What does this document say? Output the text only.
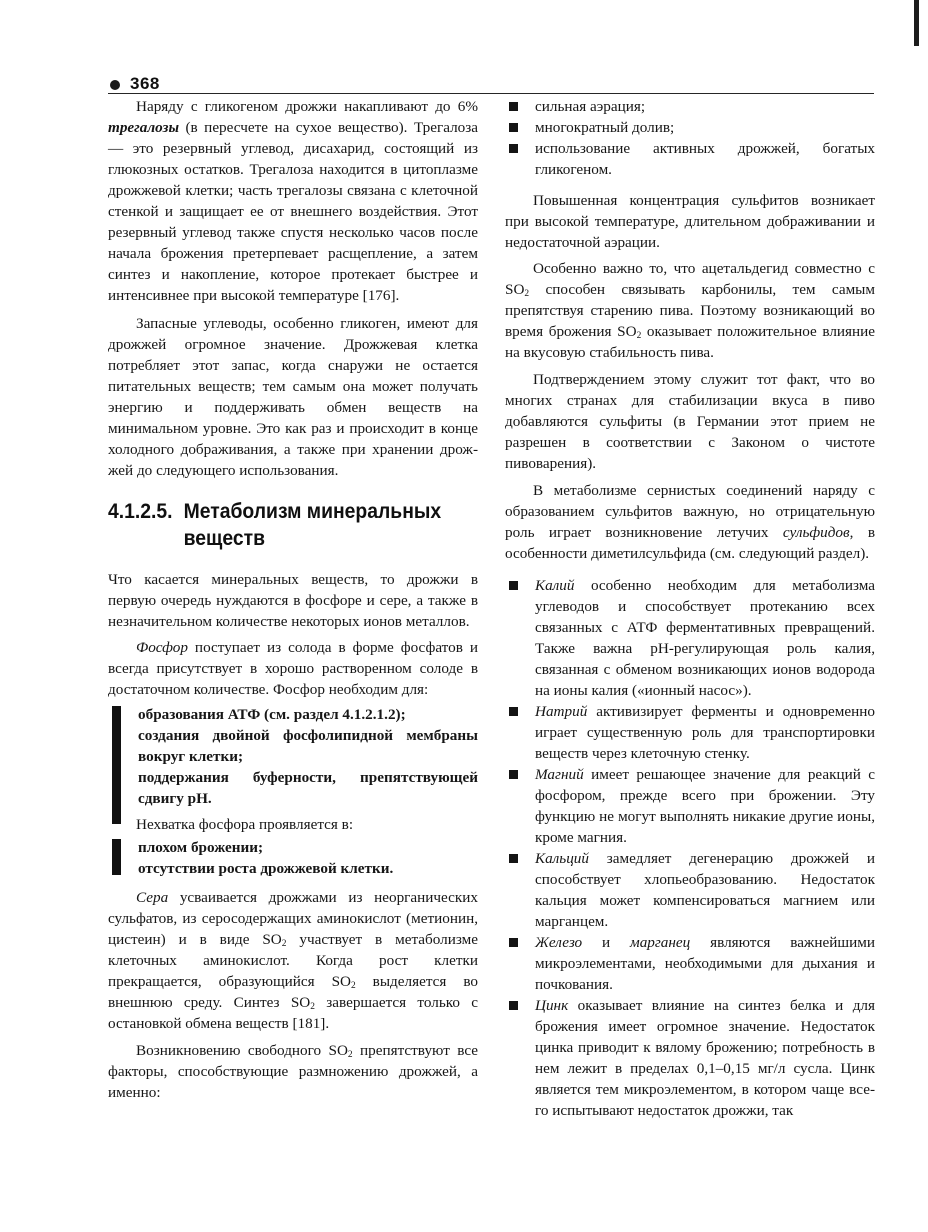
368

Наряду с гликогеном дрожжи накапливают до 6% трегалозы (в пересчете на сухое вещество). Трегалоза — это резервный углевод, дисахарид, состоящий из глюкозных остатков. Трегалоза находится в цитоплазме дрожжевой клетки; часть трегалозы связана с клеточной стенкой и защищает ее от внешнего воздействия. Этот резервный углевод также спустя несколько часов после начала брожения претерпевает расщепление, а затем синтез и накопление, которое протекает быстрее и интенсивнее при высокой температуре [176].

Запасные углеводы, особенно гликоген, имеют для дрожжей огромное значение. Дрожжевая клетка потребляет этот запас, когда снаружи не остается питательных веществ; тем самым она может получать энергию и поддерживать обмен веществ на минимальном уровне. Это как раз и происходит в конце холодного дображивания, а также при хранении дрожжей до следующего использования.

4.1.2.5. Метаболизм минеральных
веществ

Что касается минеральных веществ, то дрожжи в первую очередь нуждаются в фосфоре и сере, а также в незначительном количестве некоторых ионов металлов.

Фосфор поступает из солода в форме фосфатов и всегда присутствует в хорошо растворенном солоде в достаточном количестве. Фосфор необходим для:

образования АТФ (см. раздел 4.1.2.1.2);

создания двойной фосфолипидной мембраны вокруг клетки;

поддержания буферности, препятствующей сдвигу рН.

Нехватка фосфора проявляется в:

плохом брожении;

отсутствии роста дрожжевой клетки.

Сера усваивается дрожжами из неорганических сульфатов, из серосодержащих аминокислот (метионин, цистеин) и в виде $SO_2$ участвует в метаболизме клеточных аминокислот. Когда рост клетки прекращается, образующийся $SO_2$ выделяется во внешнюю среду. Синтез $SO_2$ завершается только с остановкой обмена веществ [181].

Возникновению свободного $SO_2$ препятствуют все факторы, способствующие размножению дрожжей, а именно:

сильная аэрация;
многократный долив;
использование активных дрожжей, богатых гликогеном.

Повышенная концентрация сульфитов возникает при высокой температуре, длительном дображивании и недостаточной аэрации.

Особенно важно то, что ацетальдегид совместно с $SO_2$ способен связывать карбонилы, тем самым препятствуя старению пива. Поэтому возникающий во время брожения $SO_2$ оказывает положительное влияние на вкусовую стабильность пива.

Подтверждением этому служит тот факт, что во многих странах для стабилизации вкуса в пиво добавляются сульфиты (в Германии этот прием не разрешен в соответствии с Законом о чистоте пивоварения).

В метаболизме сернистых соединений наряду с образованием сульфитов важную, но отрицательную роль играет возникновение летучих сульфидов, в особенности диметилсульфида (см. следующий раздел).

Калий особенно необходим для метаболизма углеводов и способствует протеканию всех связанных с АТФ ферментативных превращений. Также важна рН-регулирующая роль калия, связанная с обменом возникающих ионов водорода на ионы калия («ионный насос»).
Натрий активизирует ферменты и одновременно играет существенную роль для транспортировки веществ через клеточную стенку.
Магний имеет решающее значение для реакций с фосфором, прежде всего при брожении. Эту функцию не могут выполнять никакие другие ионы, кроме магния.
Кальций замедляет дегенерацию дрожжей и способствует хлопьеобразованию. Недостаток кальция может компенсироваться магнием или марганцем.
Железо и марганец являются важнейшими микроэлементами, необходимыми для дыхания и почкования.
Цинк оказывает влияние на синтез белка и для брожения имеет огромное значение. Недостаток цинка приводит к вялому брожению; потребность в нем лежит в пределах 0,1–0,15 мг/л сусла. Цинк является тем микроэлементом, в котором чаще всего испытывают недостаток дрожжи, так
